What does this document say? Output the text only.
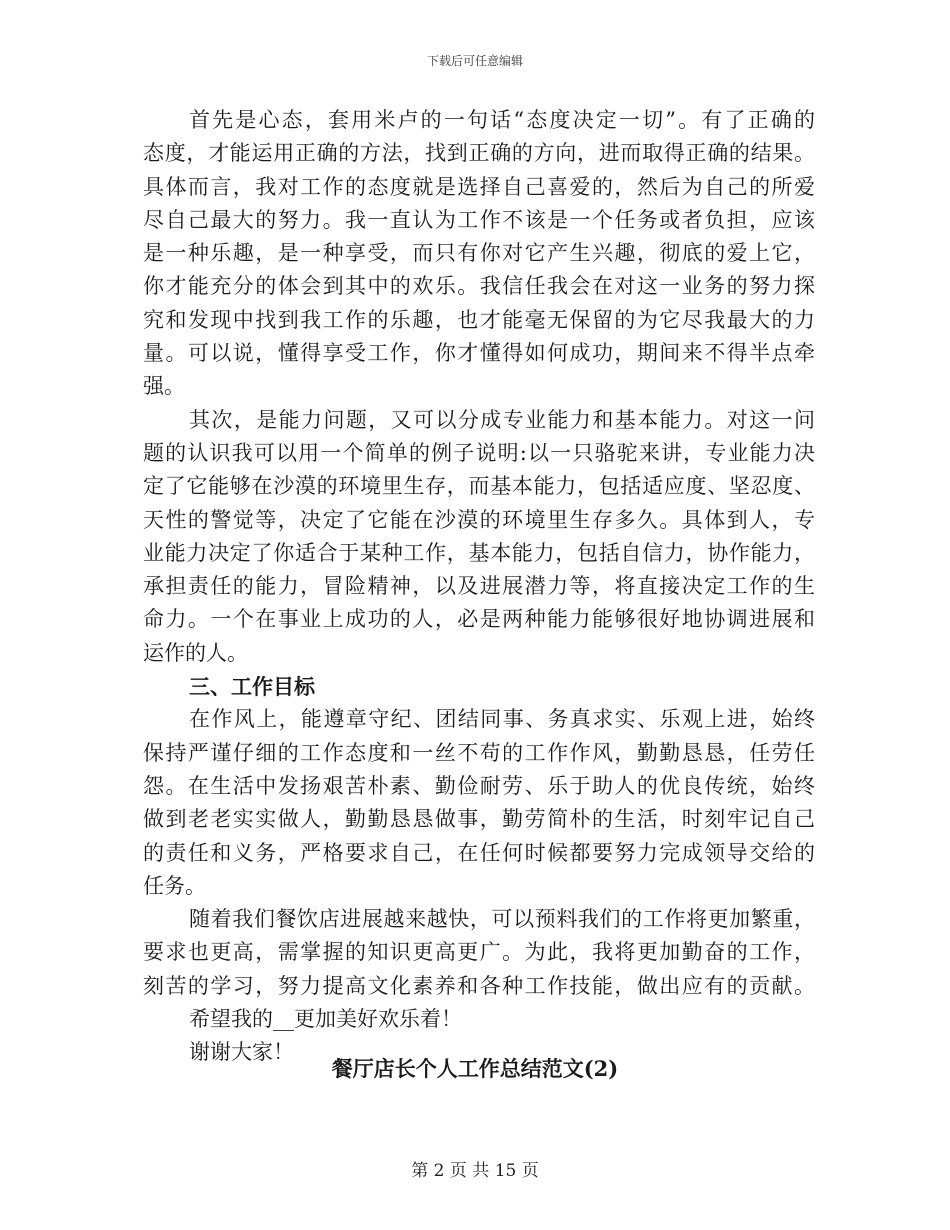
下载后可任意编辑
首先是心态，套用米卢的一句话“态度决定一切”。有了正确的
态度，才能运用正确的方法，找到正确的方向，进而取得正确的结果。
具体而言，我对工作的态度就是选择自己喜爱的，然后为自己的所爱
尽自己最大的努力。我一直认为工作不该是一个任务或者负担，应该
是一种乐趣，是一种享受，而只有你对它产生兴趣，彻底的爱上它，
你才能充分的体会到其中的欢乐。我信任我会在对这一业务的努力探
究和发现中找到我工作的乐趣，也才能毫无保留的为它尽我最大的力
量。可以说，懂得享受工作，你才懂得如何成功，期间来不得半点牵
强。
其次，是能力问题，又可以分成专业能力和基本能力。对这一问
题的认识我可以用一个简单的例子说明:以一只骆驼来讲，专业能力决
定了它能够在沙漠的环境里生存，而基本能力，包括适应度、坚忍度、
天性的警觉等，决定了它能在沙漠的环境里生存多久。具体到人，专
业能力决定了你适合于某种工作，基本能力，包括自信力，协作能力，
承担责任的能力，冒险精神，以及进展潜力等，将直接决定工作的生
命力。一个在事业上成功的人，必是两种能力能够很好地协调进展和
运作的人。
三、工作目标
在作风上，能遵章守纪、团结同事、务真求实、乐观上进，始终
保持严谨仔细的工作态度和一丝不苟的工作作风，勤勤恳恳，任劳任
怨。在生活中发扬艰苦朴素、勤俭耐劳、乐于助人的优良传统，始终
做到老老实实做人，勤勤恳恳做事，勤劳简朴的生活，时刻牢记自己
的责任和义务，严格要求自己，在任何时候都要努力完成领导交给的
任务。
随着我们餐饮店进展越来越快，可以预料我们的工作将更加繁重，
要求也更高，需掌握的知识更高更广。为此，我将更加勤奋的工作，
刻苦的学习，努力提高文化素养和各种工作技能，做出应有的贡献。
希望我的__更加美好欢乐着！
谢谢大家！
餐厅店长个人工作总结范文(2)
第 2 页 共 15 页
